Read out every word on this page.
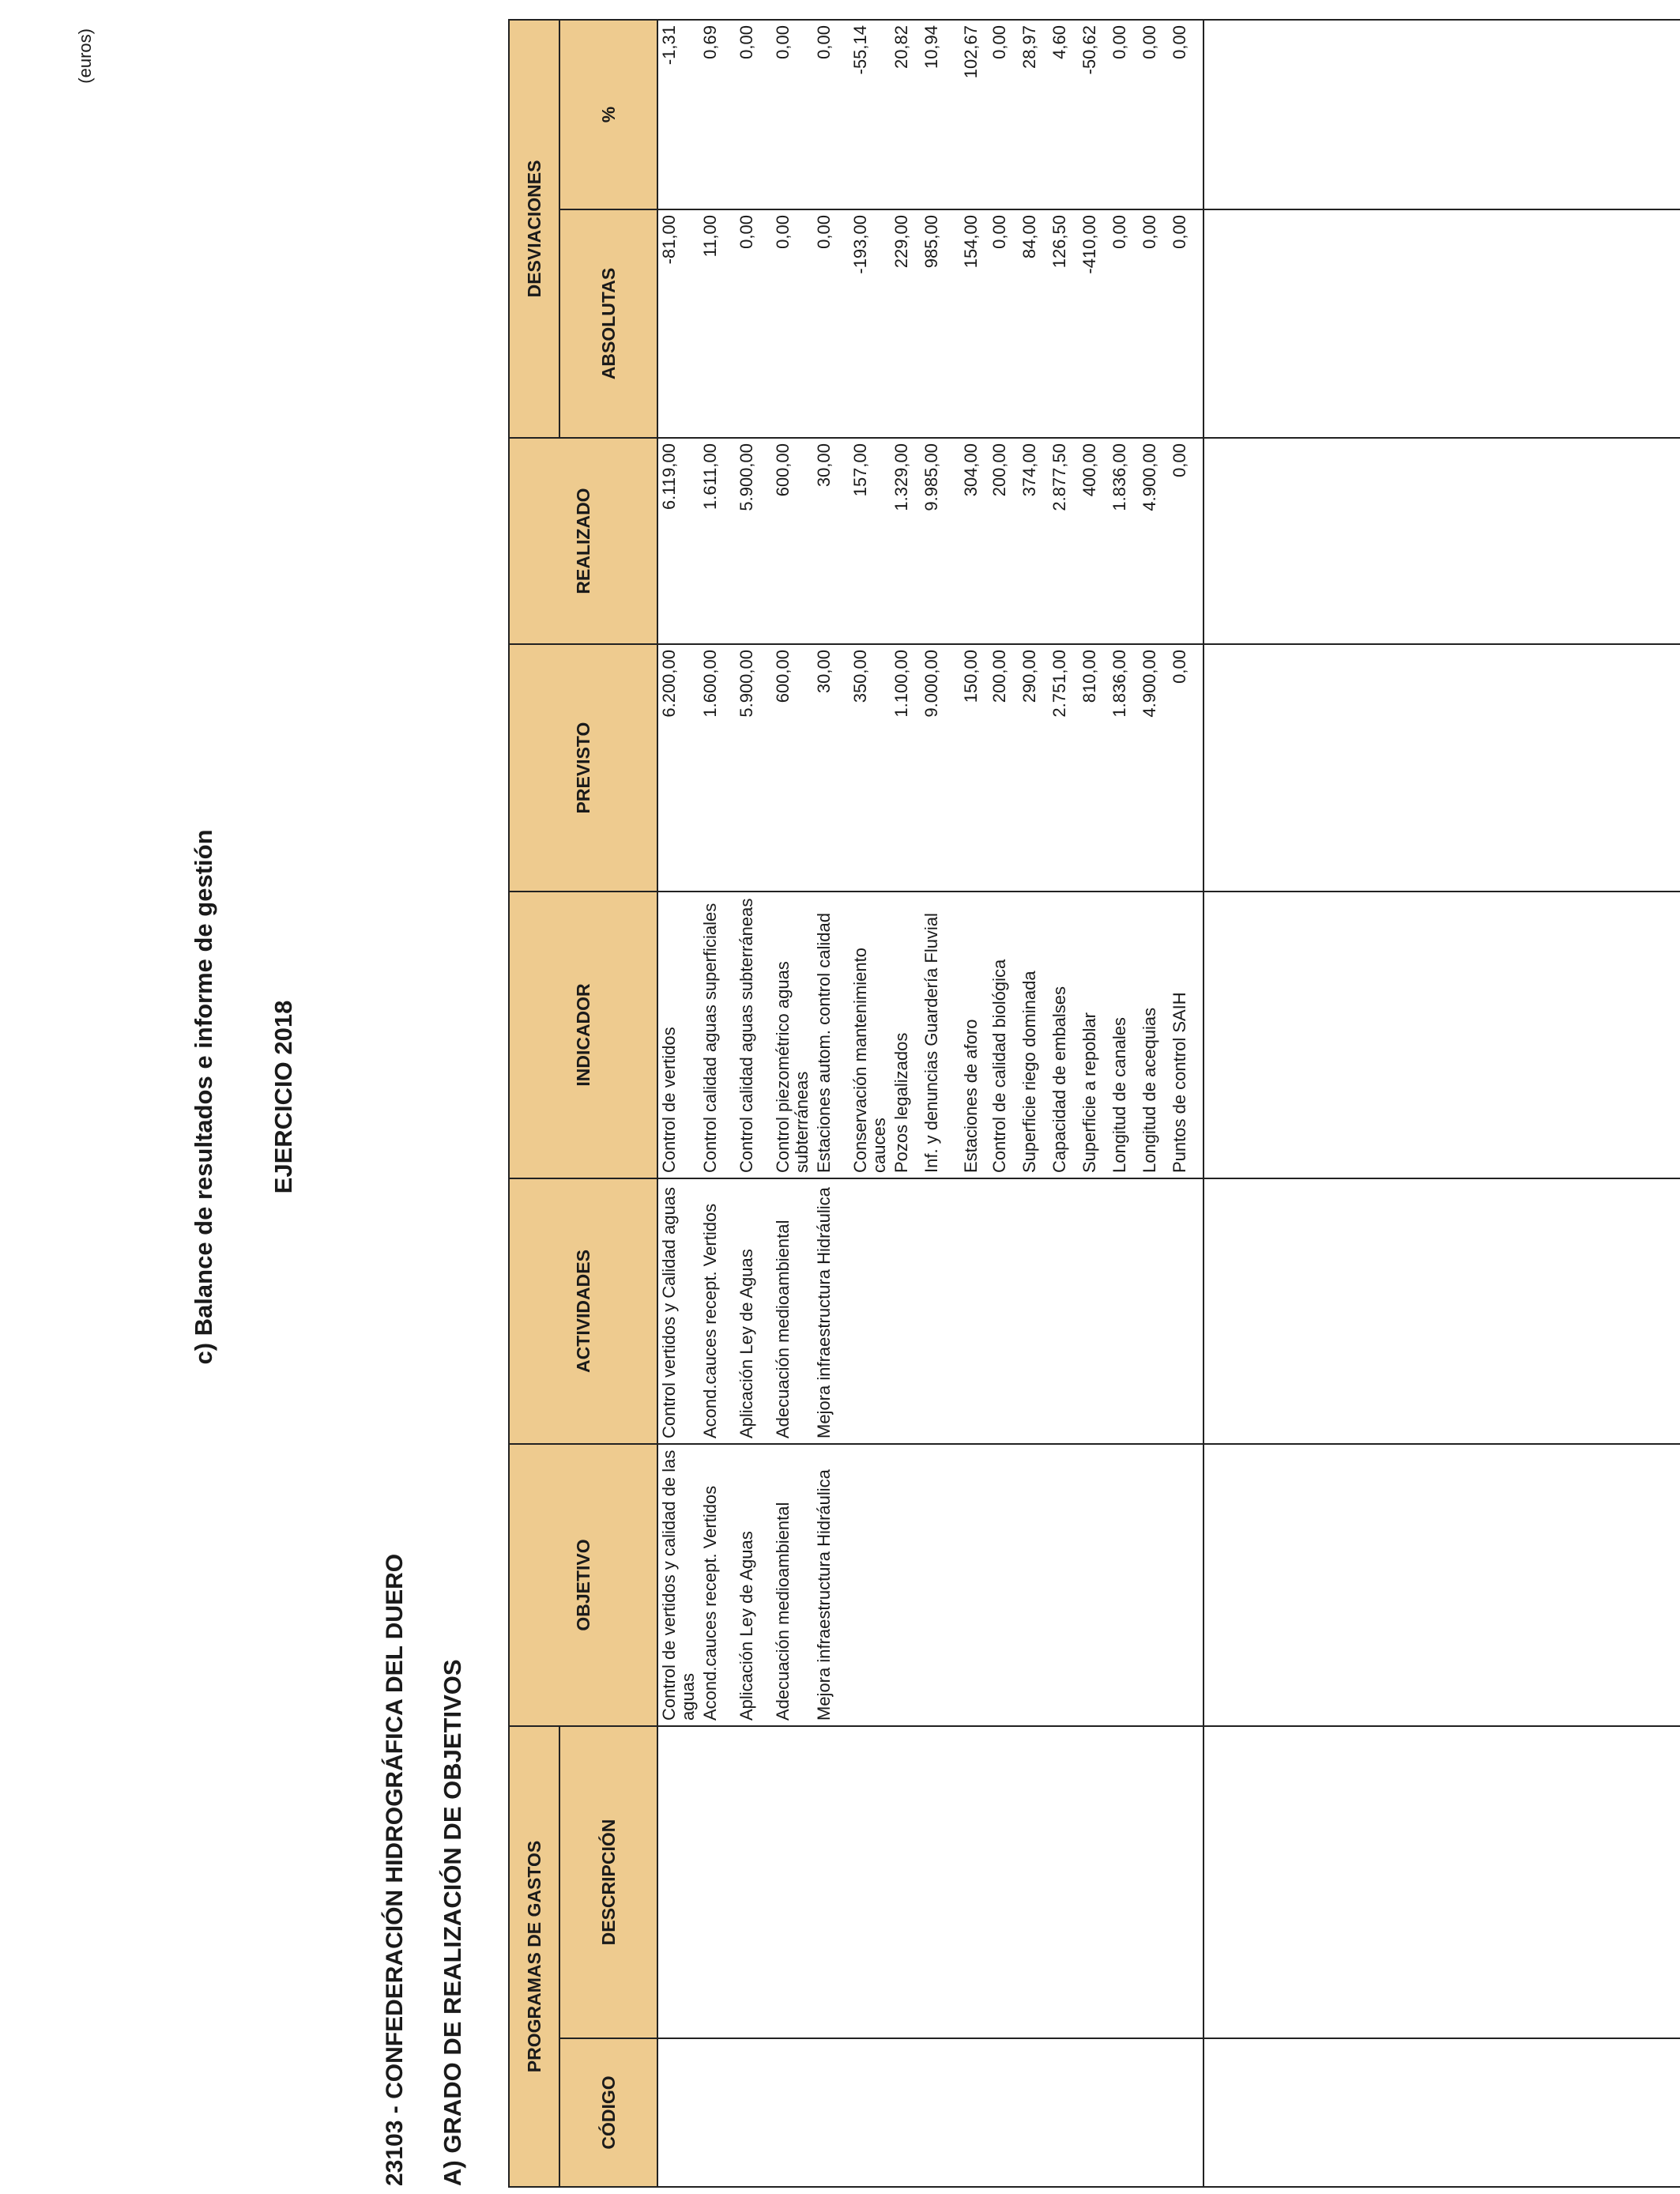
c) Balance de resultados e informe de gestión EJERCICIO 2018
23103 - CONFEDERACIÓN HIDROGRÁFICA DEL DUERO A) GRADO DE REALIZACIÓN DE OBJETIVOS
(euros)
PROGRAMAS DE GASTOS		OBJETIVO	ACTIVIDADES	INDICADOR	PREVISTO	REALIZADO	DESVIACIONES	
CÓDIGO	DESCRIPCIÓN						ABSOLUTAS	%
		Control de vertidos y calidad de las aguas	Control vertidos y Calidad aguas	Control de vertidos	6.200,00	6.119,00	-81,00	-1,31
		Acond.cauces recept. Vertidos	Acond.cauces recept. Vertidos	Control calidad aguas superficiales	1.600,00	1.611,00	11,00	0,69
		Aplicación Ley de Aguas	Aplicación Ley de Aguas	Control calidad aguas subterráneas	5.900,00	5.900,00	0,00	0,00
		Adecuación medioambiental	Adecuación medioambiental	Control piezométrico aguas subterráneas	600,00	600,00	0,00	0,00
		Mejora infraestructura Hidráulica	Mejora infraestructura Hidráulica	Estaciones autom. control calidad	30,00	30,00	0,00	0,00
				Conservación mantenimiento cauces	350,00	157,00	-193,00	-55,14
				Pozos legalizados	1.100,00	1.329,00	229,00	20,82
				Inf. y denuncias Guardería Fluvial	9.000,00	9.985,00	985,00	10,94
				Estaciones de aforo	150,00	304,00	154,00	102,67
				Control de calidad biológica	200,00	200,00	0,00	0,00
				Superficie riego dominada	290,00	374,00	84,00	28,97
				Capacidad de embalses	2.751,00	2.877,50	126,50	4,60
				Superficie a repoblar	810,00	400,00	-410,00	-50,62
				Longitud de canales	1.836,00	1.836,00	0,00	0,00
				Longitud de acequias	4.900,00	4.900,00	0,00	0,00
				Puntos de control SAIH	0,00	0,00	0,00	0,00
